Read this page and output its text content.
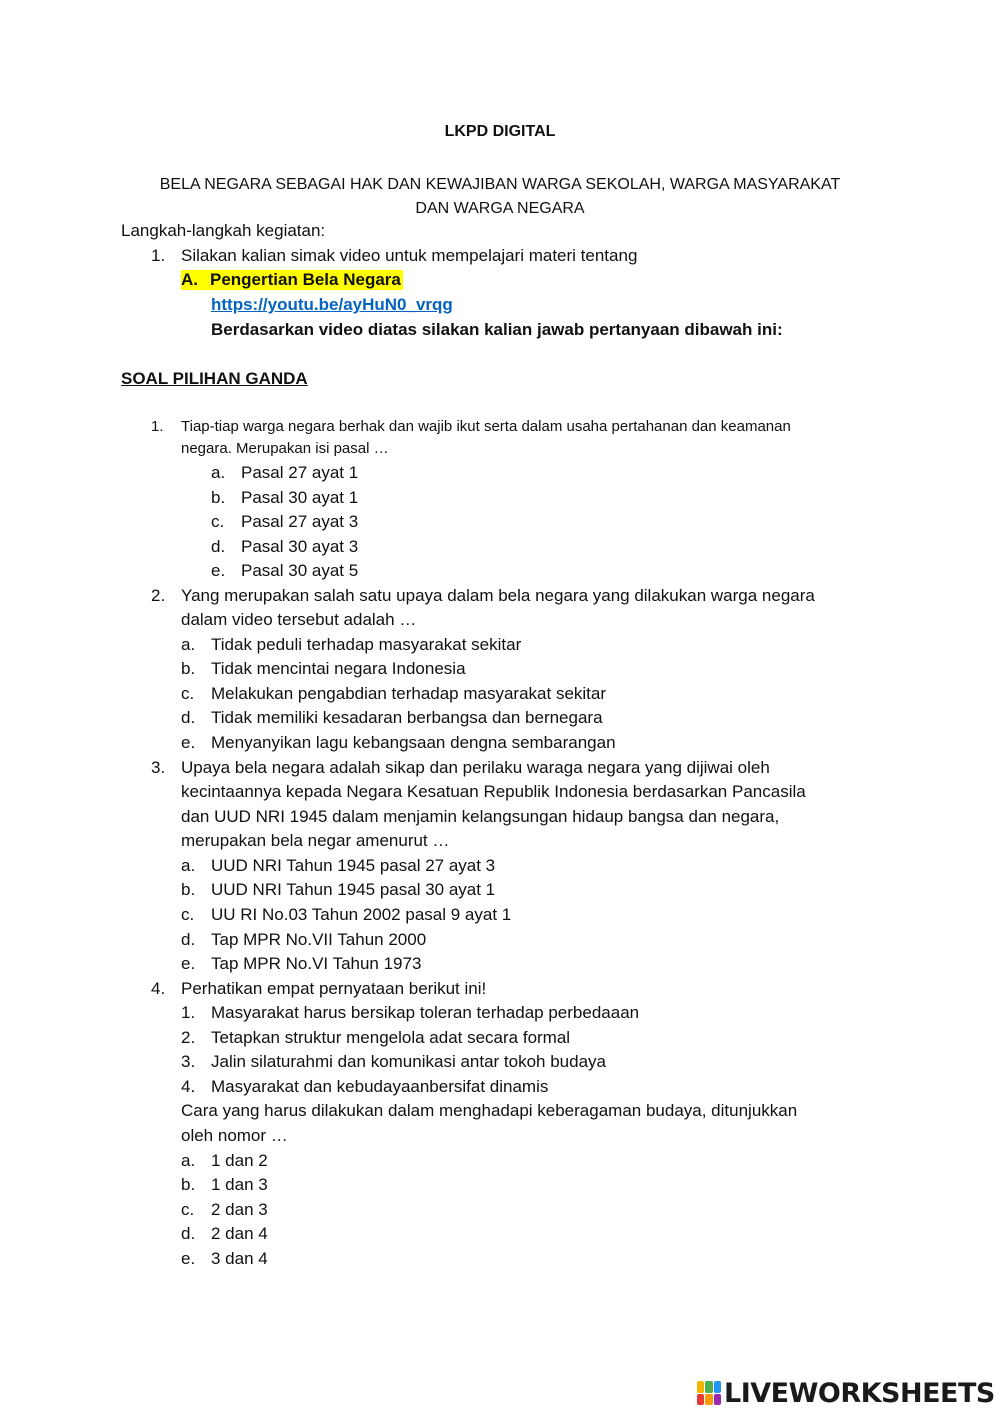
LKPD DIGITAL
BELA NEGARA SEBAGAI HAK DAN KEWAJIBAN WARGA SEKOLAH, WARGA MASYARAKAT
DAN WARGA NEGARA
Langkah-langkah kegiatan:
1. Silakan kalian simak video untuk mempelajari materi tentang
A. Pengertian Bela Negara
https://youtu.be/ayHuN0_vrqg
Berdasarkan video diatas silakan kalian jawab pertanyaan dibawah ini:
SOAL PILIHAN GANDA
1. Tiap-tiap warga negara berhak dan wajib ikut serta dalam usaha pertahanan dan keamanan
negara. Merupakan isi pasal …
a. Pasal 27 ayat 1
b. Pasal 30 ayat 1
c. Pasal 27 ayat 3
d. Pasal 30 ayat 3
e. Pasal 30 ayat 5
2. Yang merupakan salah satu upaya dalam bela negara yang dilakukan warga negara
dalam video tersebut adalah …
a. Tidak peduli terhadap masyarakat sekitar
b. Tidak mencintai negara Indonesia
c. Melakukan pengabdian terhadap masyarakat sekitar
d. Tidak memiliki kesadaran berbangsa dan bernegara
e. Menyanyikan lagu kebangsaan dengna sembarangan
3. Upaya bela negara adalah sikap dan perilaku waraga negara yang dijiwai oleh
kecintaannya kepada Negara Kesatuan Republik Indonesia berdasarkan Pancasila
dan UUD NRI 1945 dalam menjamin kelangsungan hidaup bangsa dan negara,
merupakan bela negar amenurut …
a. UUD NRI Tahun 1945 pasal 27 ayat 3
b. UUD NRI Tahun 1945 pasal 30 ayat 1
c. UU RI No.03 Tahun 2002 pasal 9 ayat 1
d. Tap MPR No.VII Tahun 2000
e. Tap MPR No.VI Tahun 1973
4. Perhatikan empat pernyataan berikut ini!
1. Masyarakat harus bersikap toleran terhadap perbedaaan
2. Tetapkan struktur mengelola adat secara formal
3. Jalin silaturahmi dan komunikasi antar tokoh budaya
4. Masyarakat dan kebudayaanbersifat dinamis
Cara yang harus dilakukan dalam menghadapi keberagaman budaya, ditunjukkan
oleh nomor …
a. 1 dan 2
b. 1 dan 3
c. 2 dan 3
d. 2 dan 4
e. 3 dan 4
LIVEWORKSHEETS
